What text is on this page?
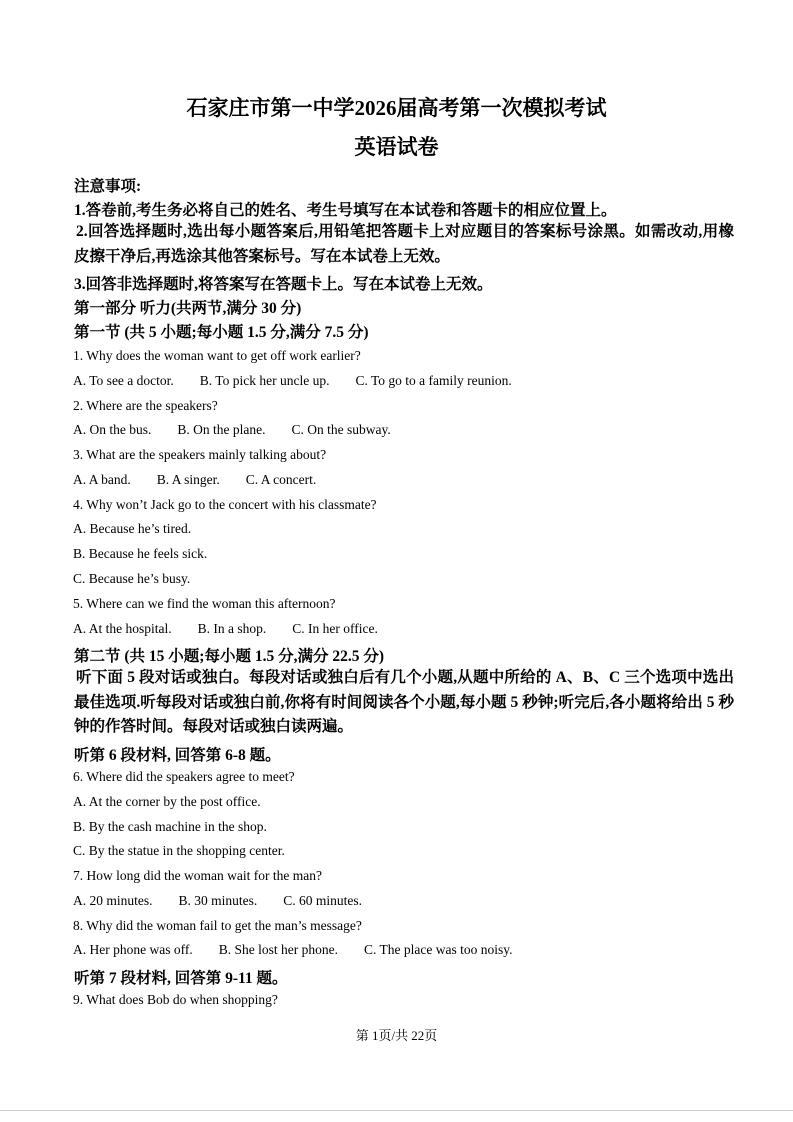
石家庄市第一中学2026届高考第一次模拟考试
英语试卷
注意事项:
1.答卷前,考生务必将自己的姓名、考生号填写在本试卷和答题卡的相应位置上。
2.回答选择题时,选出每小题答案后,用铅笔把答题卡上对应题目的答案标号涂黑。如需改动,用橡皮擦干净后,再选涂其他答案标号。写在本试卷上无效。
3.回答非选择题时,将答案写在答题卡上。写在本试卷上无效。
第一部分 听力(共两节,满分 30 分)
第一节 (共 5 小题;每小题 1.5 分,满分 7.5 分)
1. Why does the woman want to get off work earlier?
A. To see a doctor. B. To pick her uncle up. C. To go to a family reunion.
2. Where are the speakers?
A. On the bus. B. On the plane. C. On the subway.
3. What are the speakers mainly talking about?
A. A band. B. A singer. C. A concert.
4. Why won’t Jack go to the concert with his classmate?
A. Because he’s tired.
B. Because he feels sick.
C. Because he’s busy.
5. Where can we find the woman this afternoon?
A. At the hospital. B. In a shop. C. In her office.
第二节 (共 15 小题;每小题 1.5 分,满分 22.5 分)
听下面 5 段对话或独白。每段对话或独白后有几个小题,从题中所给的 A、B、C 三个选项中选出最佳选项.听每段对话或独白前,你将有时间阅读各个小题,每小题 5 秒钟;听完后,各小题将给出 5 秒钟的作答时间。每段对话或独白读两遍。
听第 6 段材料, 回答第 6-8 题。
6. Where did the speakers agree to meet?
A. At the corner by the post office.
B. By the cash machine in the shop.
C. By the statue in the shopping center.
7. How long did the woman wait for the man?
A. 20 minutes. B. 30 minutes. C. 60 minutes.
8. Why did the woman fail to get the man’s message?
A. Her phone was off. B. She lost her phone. C. The place was too noisy.
听第 7 段材料, 回答第 9-11 题。
9. What does Bob do when shopping?
第 1页/共 22页
